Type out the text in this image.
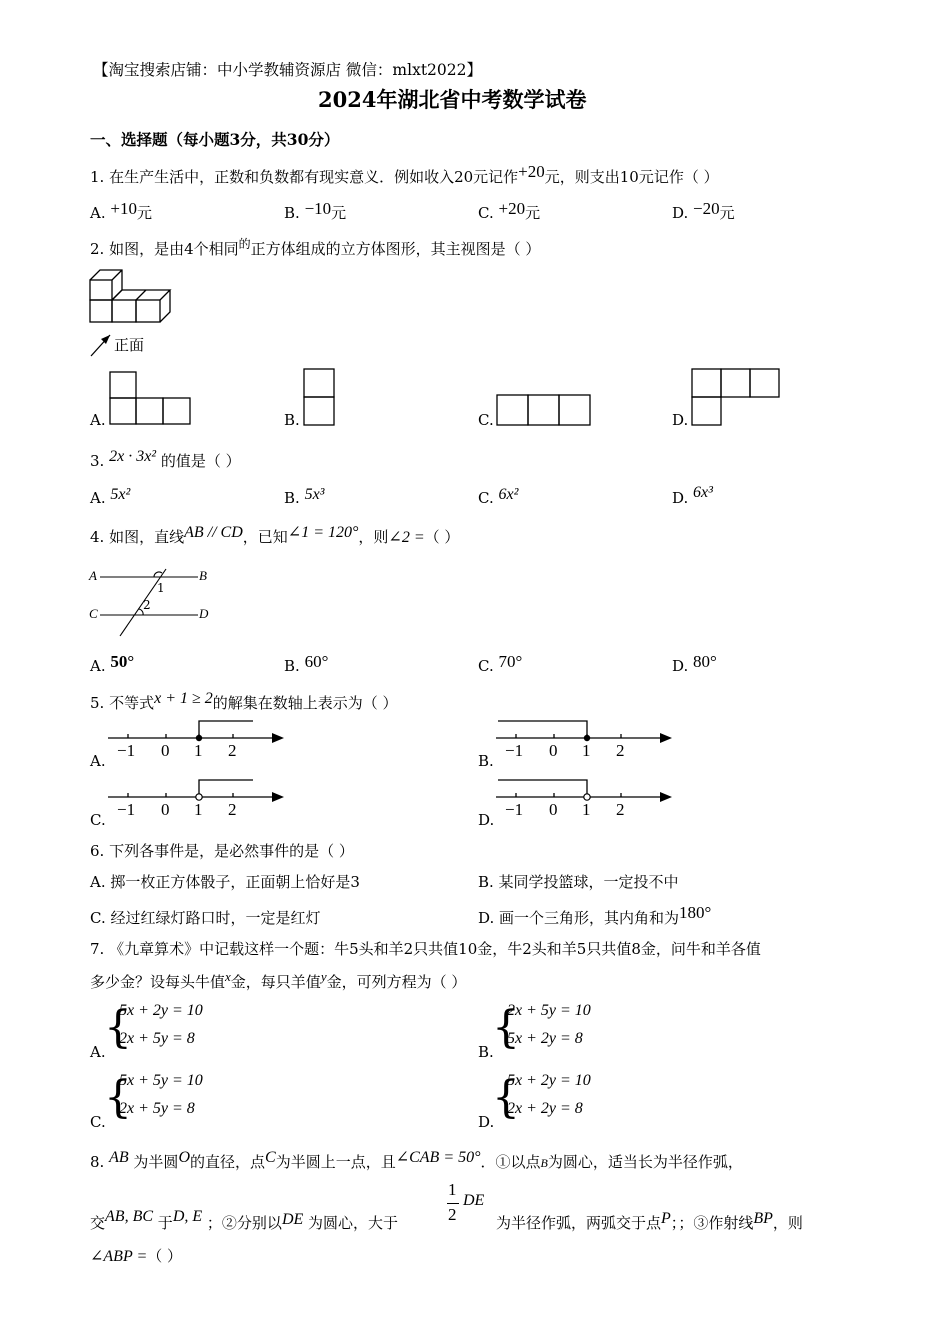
【淘宝搜索店铺：中小学教辅资源店 微信：mlxt2022】
2024年湖北省中考数学试卷
一、选择题（每小题3分，共30分）
1. 在生产生活中，正数和负数都有现实意义．例如收入20元记作+20元，则支出10元记作（ ）
A. +10元	B. −10元	C. +20元	D. −20元
2. 如图，是由4个相同$^的$正方体组成的立方体图形，其主视图是（ ）
正面
A.	B.	C.	D.
3. 2x · 3x² 的值是（ ）
A. 5x²	B. 5x³	C. 6x²	D. 6x³
4. 如图，直线AB // CD，已知∠1 = 120°，则∠2 =（ ）
A	B
C	D
1
2
A. 50°	B. 60°	C. 70°	D. 80°
5. 不等式x + 1 ≥ 2的解集在数轴上表示为（ ）
A.
−1 0 1 2
B.
−1 0 1 2
C.
−1 0 1 2
D.
−1 0 1 2
6. 下列各事件是，是必然事件的是（ ）
A. 掷一枚正方体骰子，正面朝上恰好是3	B. 某同学投篮球，一定投不中
C. 经过红绿灯路口时，一定是红灯	D. 画一个三角形，其内角和为180°
7. 《九章算术》中记载这样一个题：牛5头和羊2只共值10金，牛2头和羊5只共值8金，问牛和羊各值
多少金？设每头牛值x金，每只羊值y金，可列方程为（ ）
A.
{
5x + 2y = 10
2x + 5y = 8
B.
{
2x + 5y = 10
5x + 2y = 8
C.
{
5x + 5y = 10
2x + 5y = 8
D.
{
5x + 2y = 10
2x + 2y = 8
8. AB 为半圆O的直径，点C为半圆上一点，且∠CAB = 50°．①以点B为圆心，适当长为半径作弧，
交AB, BC 于D, E ；②分别以DE 为圆心，大于
1
2
DE
为半径作弧，两弧交于点P；；③作射线BP，则
∠ABP =（ ）
